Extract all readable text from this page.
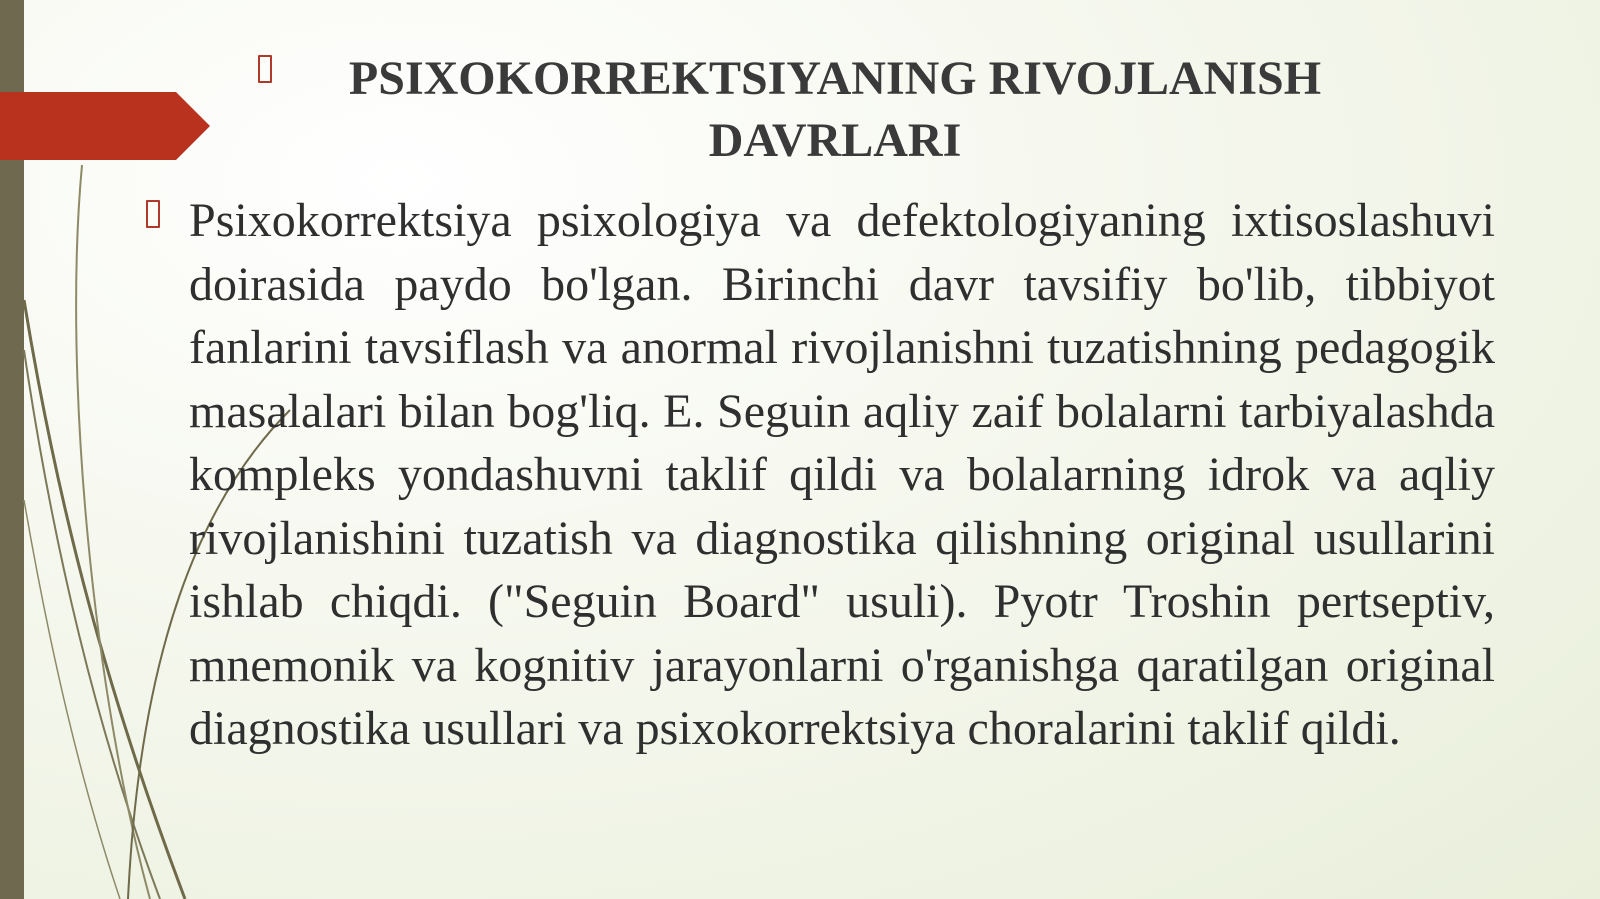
PSIXOKORREKTSIYANING RIVOJLANISH DAVRLARI

Psixokorrektsiya psixologiya va defektologiyaning ixtisoslashuvi doirasida paydo bo'lgan. Birinchi davr tavsifiy bo'lib, tibbiyot fanlarini tavsiflash va anormal rivojlanishni tuzatishning pedagogik masalalari bilan bog'liq. E. Seguin aqliy zaif bolalarni tarbiyalashda kompleks yondashuvni taklif qildi va bolalarning idrok va aqliy rivojlanishini tuzatish va diagnostika qilishning original usullarini ishlab chiqdi. ("Seguin Board" usuli). Pyotr Troshin pertseptiv, mnemonik va kognitiv jarayonlarni o'rganishga qaratilgan original diagnostika usullari va psixokorrektsiya choralarini taklif qildi.
